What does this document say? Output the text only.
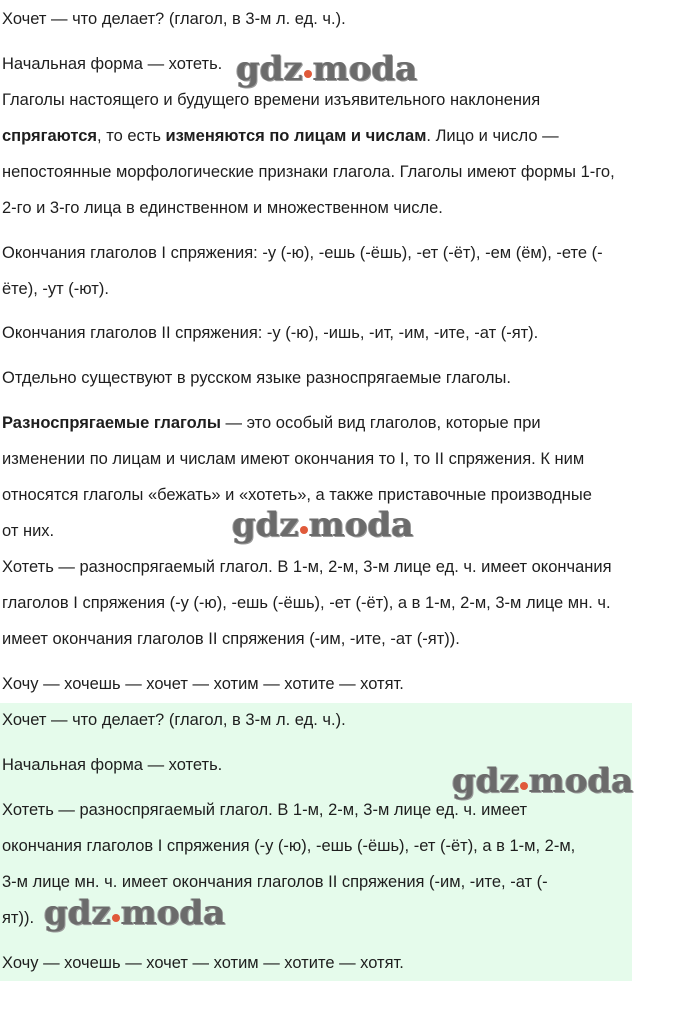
Хочет — что делает? (глагол, в 3-м л. ед. ч.).
Начальная форма — хотеть.
Глаголы настоящего и будущего времени изъявительного наклонения
спрягаются, то есть изменяются по лицам и числам. Лицо и число —
непостоянные морфологические признаки глагола. Глаголы имеют формы 1-го,
2-го и 3-го лица в единственном и множественном числе.
Окончания глаголов I спряжения: -у (-ю), -ешь (-ёшь), -ет (-ёт), -ем (ём), -ете (-
ёте), -ут (-ют).
Окончания глаголов II спряжения: -у (-ю), -ишь, -ит, -им, -ите, -ат (-ят).
Отдельно существуют в русском языке разноспрягаемые глаголы.
Разноспрягаемые глаголы — это особый вид глаголов, которые при
изменении по лицам и числам имеют окончания то I, то II спряжения. К ним
относятся глаголы «бежать» и «хотеть», а также приставочные производные
от них.
Хотеть — разноспрягаемый глагол. В 1-м, 2-м, 3-м лице ед. ч. имеет окончания
глаголов I спряжения (-у (-ю), -ешь (-ёшь), -ет (-ёт), а в 1-м, 2-м, 3-м лице мн. ч.
имеет окончания глаголов II спряжения (-им, -ите, -ат (-ят)).
Хочу — хочешь — хочет — хотим — хотите — хотят.
Хочет — что делает? (глагол, в 3-м л. ед. ч.).
Начальная форма — хотеть.
Хотеть — разноспрягаемый глагол. В 1-м, 2-м, 3-м лице ед. ч. имеет
окончания глаголов I спряжения (-у (-ю), -ешь (-ёшь), -ет (-ёт), а в 1-м, 2-м,
3-м лице мн. ч. имеет окончания глаголов II спряжения (-им, -ите, -ат (-
ят)).
Хочу — хочешь — хочет — хотим — хотите — хотят.
gdz moda
gdz moda
gdz moda
gdz moda
